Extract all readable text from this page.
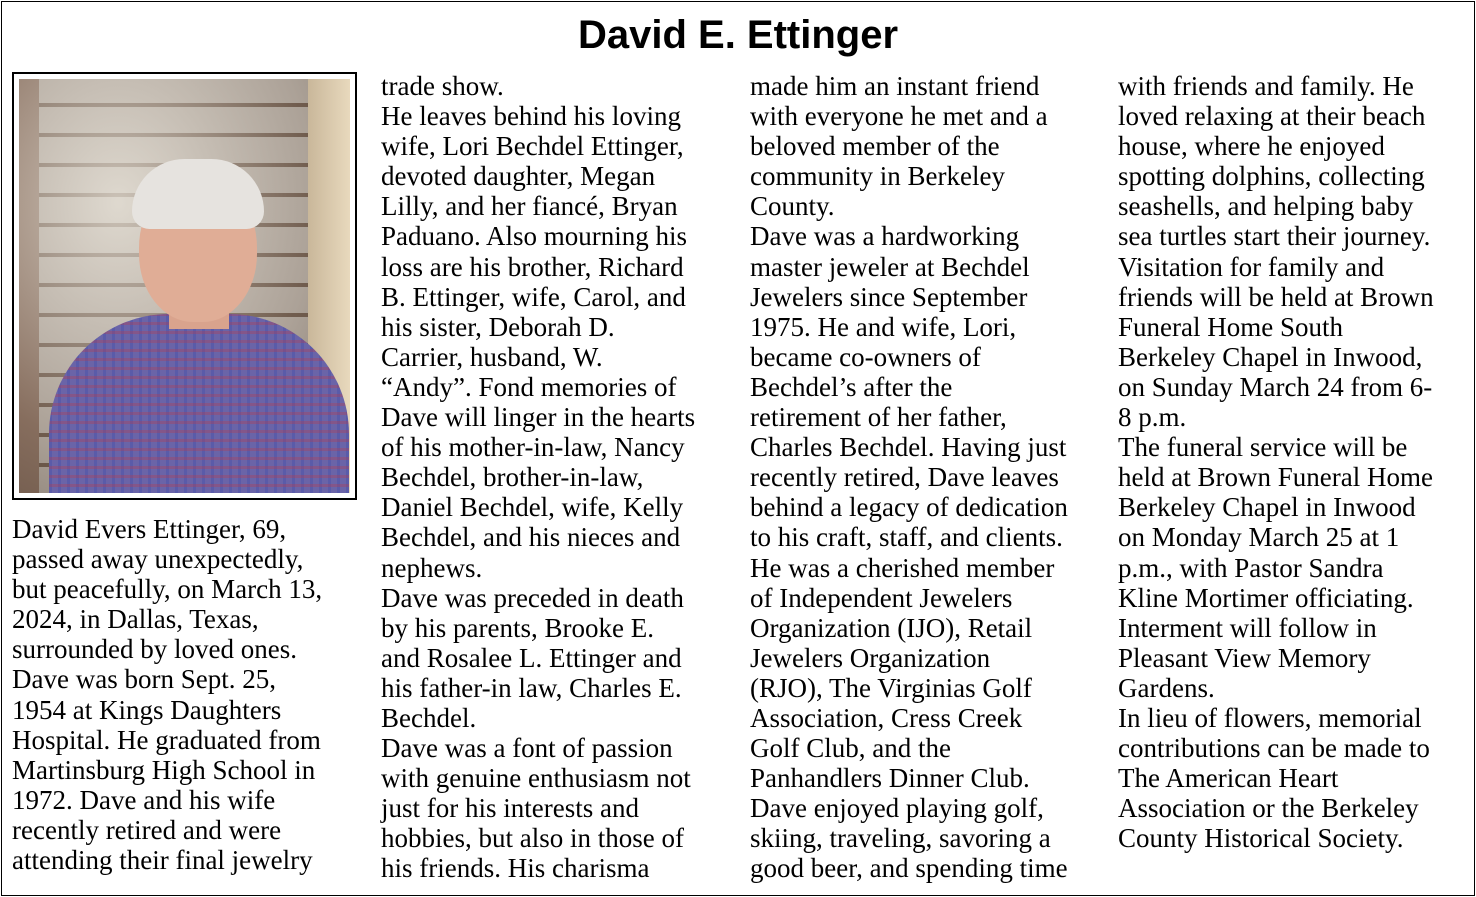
David E. Ettinger
David Evers Ettinger, 69,
passed away unexpectedly,
but peacefully, on March 13,
2024, in Dallas, Texas,
surrounded by loved ones.
Dave was born Sept. 25,
1954 at Kings Daughters
Hospital. He graduated from
Martinsburg High School in
1972. Dave and his wife
recently retired and were
attending their final jewelry
trade show.
He leaves behind his loving
wife, Lori Bechdel Ettinger,
devoted daughter, Megan
Lilly, and her fiancé, Bryan
Paduano. Also mourning his
loss are his brother, Richard
B. Ettinger, wife, Carol, and
his sister, Deborah D.
Carrier, husband, W.
“Andy”. Fond memories of
Dave will linger in the hearts
of his mother-in-law, Nancy
Bechdel, brother-in-law,
Daniel Bechdel, wife, Kelly
Bechdel, and his nieces and
nephews.
Dave was preceded in death
by his parents, Brooke E.
and Rosalee L. Ettinger and
his father-in law, Charles E.
Bechdel.
Dave was a font of passion
with genuine enthusiasm not
just for his interests and
hobbies, but also in those of
his friends. His charisma
made him an instant friend
with everyone he met and a
beloved member of the
community in Berkeley
County.
Dave was a hardworking
master jeweler at Bechdel
Jewelers since September
1975. He and wife, Lori,
became co-owners of
Bechdel’s after the
retirement of her father,
Charles Bechdel. Having just
recently retired, Dave leaves
behind a legacy of dedication
to his craft, staff, and clients.
He was a cherished member
of Independent Jewelers
Organization (IJO), Retail
Jewelers Organization
(RJO), The Virginias Golf
Association, Cress Creek
Golf Club, and the
Panhandlers Dinner Club.
Dave enjoyed playing golf,
skiing, traveling, savoring a
good beer, and spending time
with friends and family. He
loved relaxing at their beach
house, where he enjoyed
spotting dolphins, collecting
seashells, and helping baby
sea turtles start their journey.
Visitation for family and
friends will be held at Brown
Funeral Home South
Berkeley Chapel in Inwood,
on Sunday March 24 from 6-
8 p.m.
The funeral service will be
held at Brown Funeral Home
Berkeley Chapel in Inwood
on Monday March 25 at 1
p.m., with Pastor Sandra
Kline Mortimer officiating.
Interment will follow in
Pleasant View Memory
Gardens.
In lieu of flowers, memorial
contributions can be made to
The American Heart
Association or the Berkeley
County Historical Society.
